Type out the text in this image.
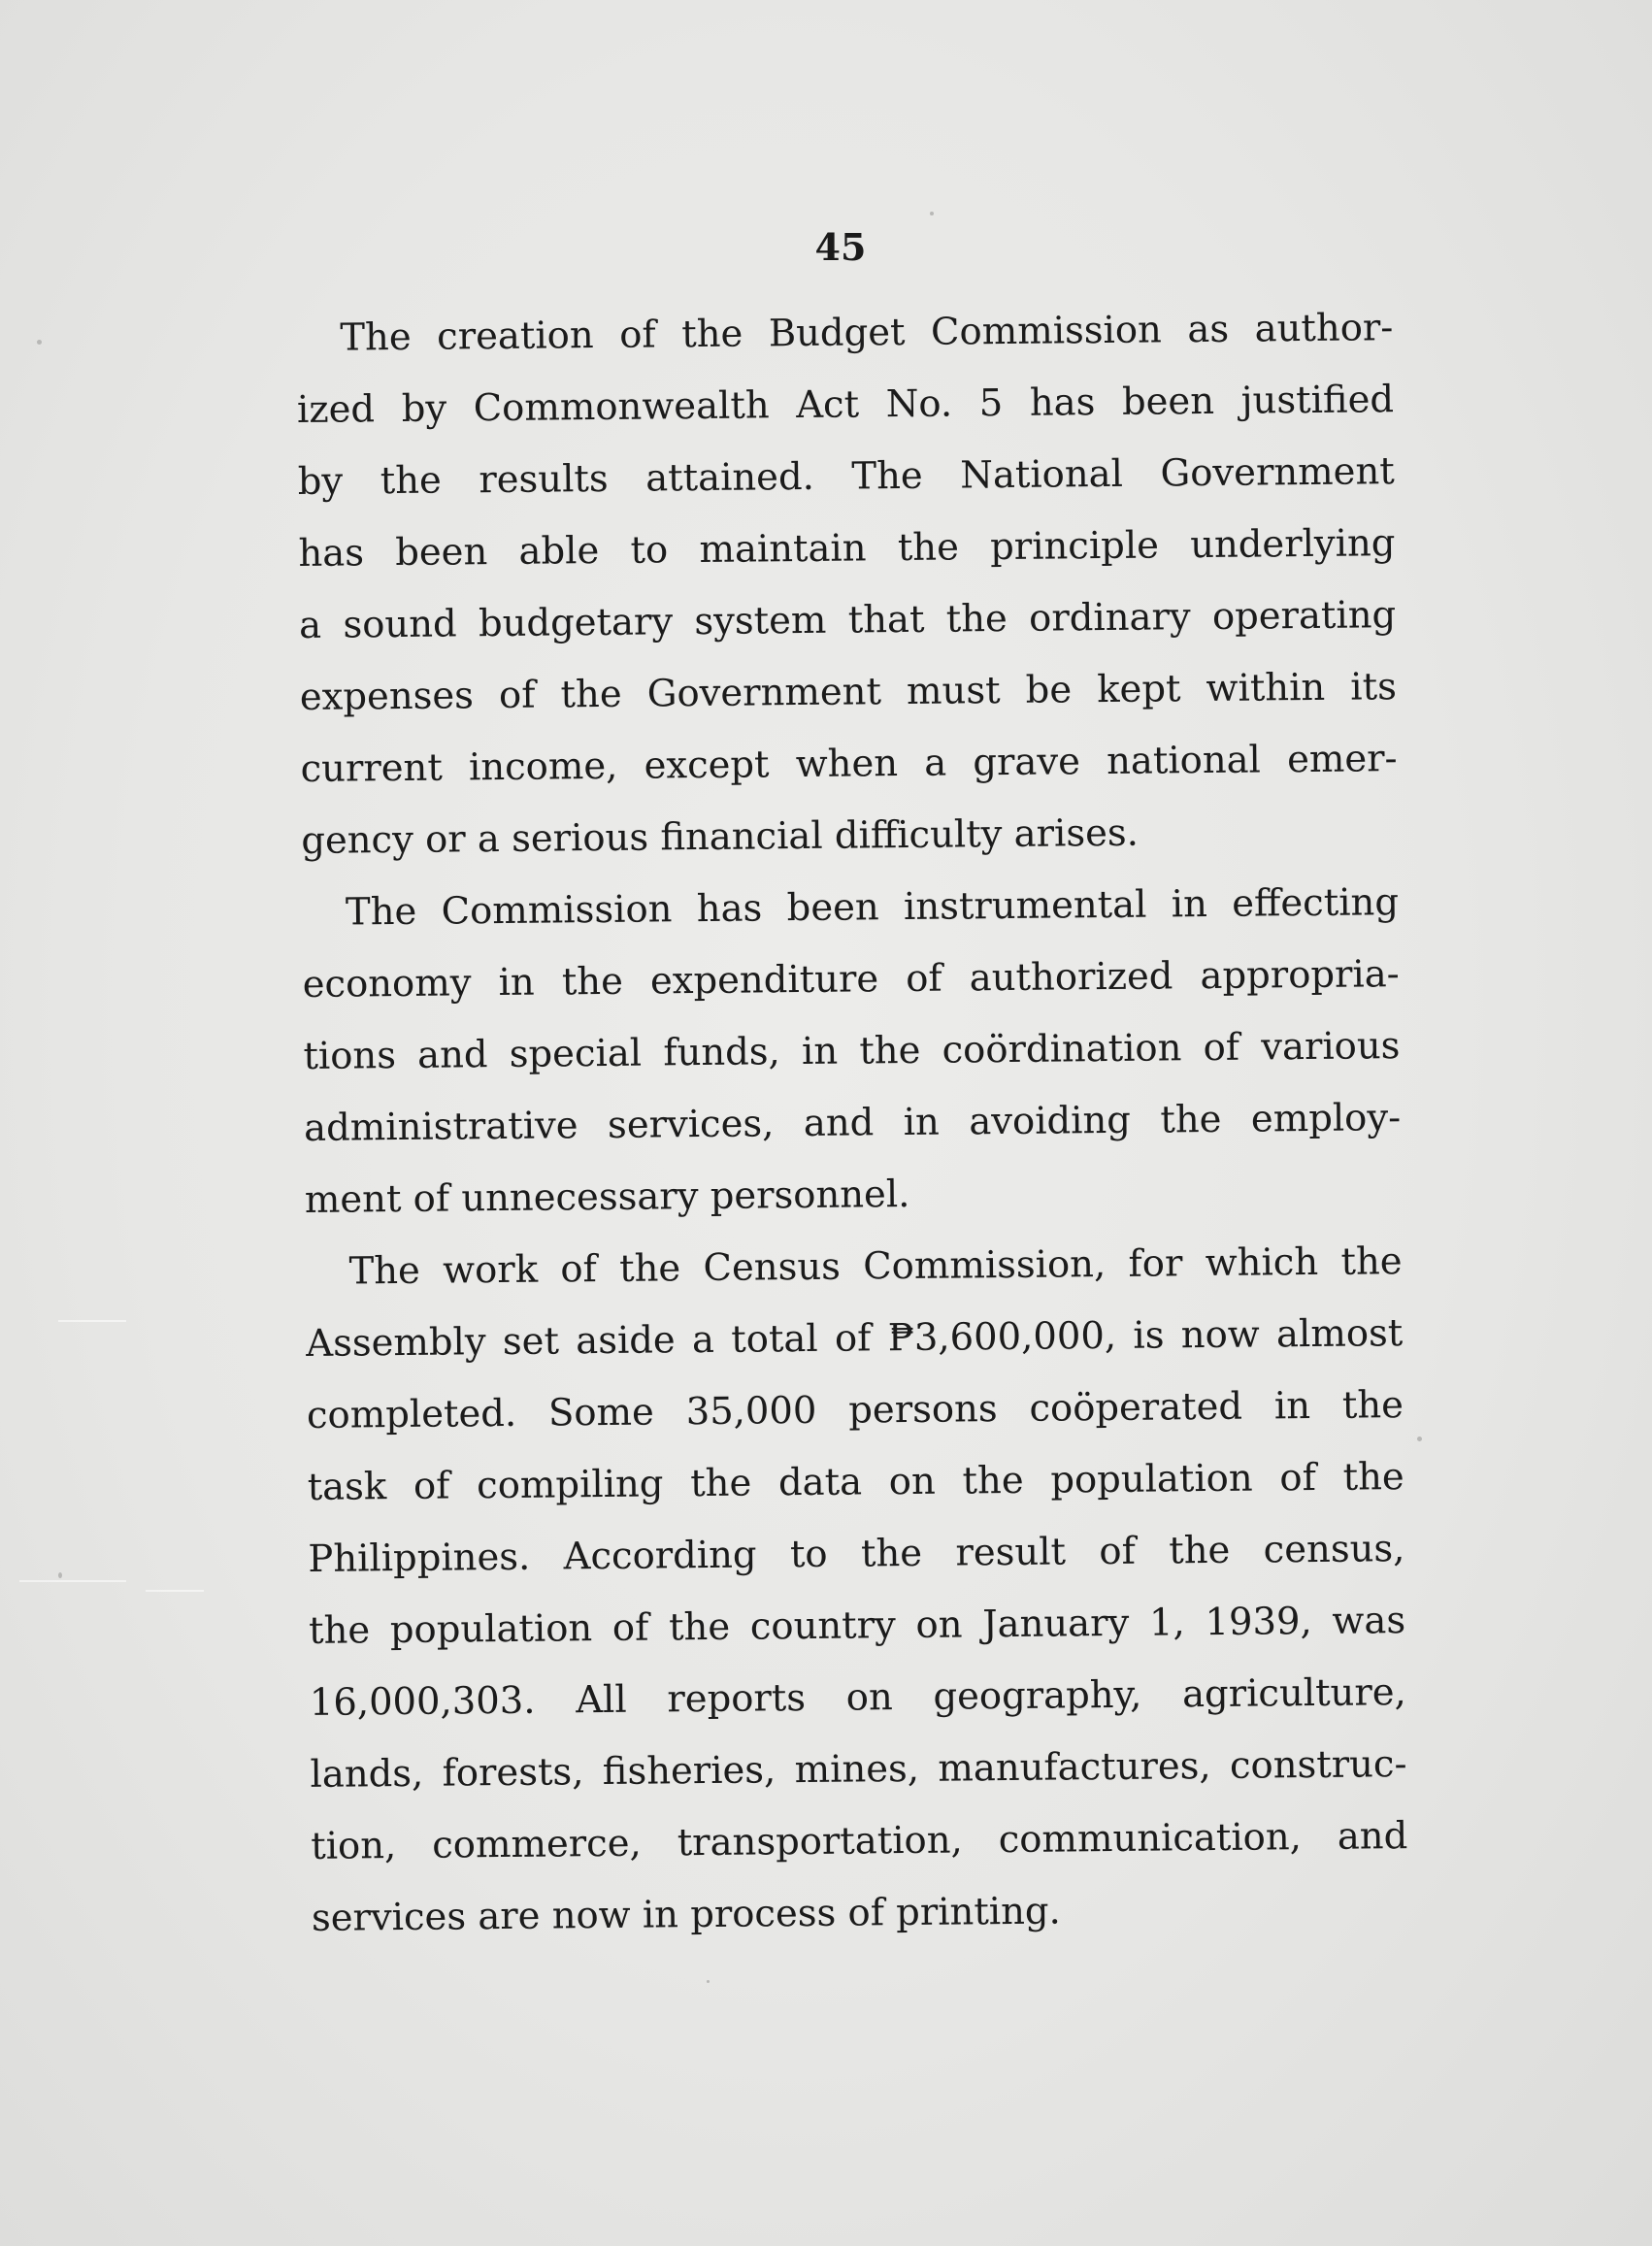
45
The creation of the Budget Commission as author-
ized by Commonwealth Act No. 5 has been justified
by the results attained. The National Government
has been able to maintain the principle underlying
a sound budgetary system that the ordinary operating
expenses of the Government must be kept within its
current income, except when a grave national emer-
gency or a serious financial difficulty arises.
The Commission has been instrumental in effecting
economy in the expenditure of authorized appropria-
tions and special funds, in the coördination of various
administrative services, and in avoiding the employ-
ment of unnecessary personnel.
The work of the Census Commission, for which the
Assembly set aside a total of ₱3,600,000, is now almost
completed. Some 35,000 persons coöperated in the
task of compiling the data on the population of the
Philippines. According to the result of the census,
the population of the country on January 1, 1939, was
16,000,303. All reports on geography, agriculture,
lands, forests, fisheries, mines, manufactures, construc-
tion, commerce, transportation, communication, and
services are now in process of printing.
